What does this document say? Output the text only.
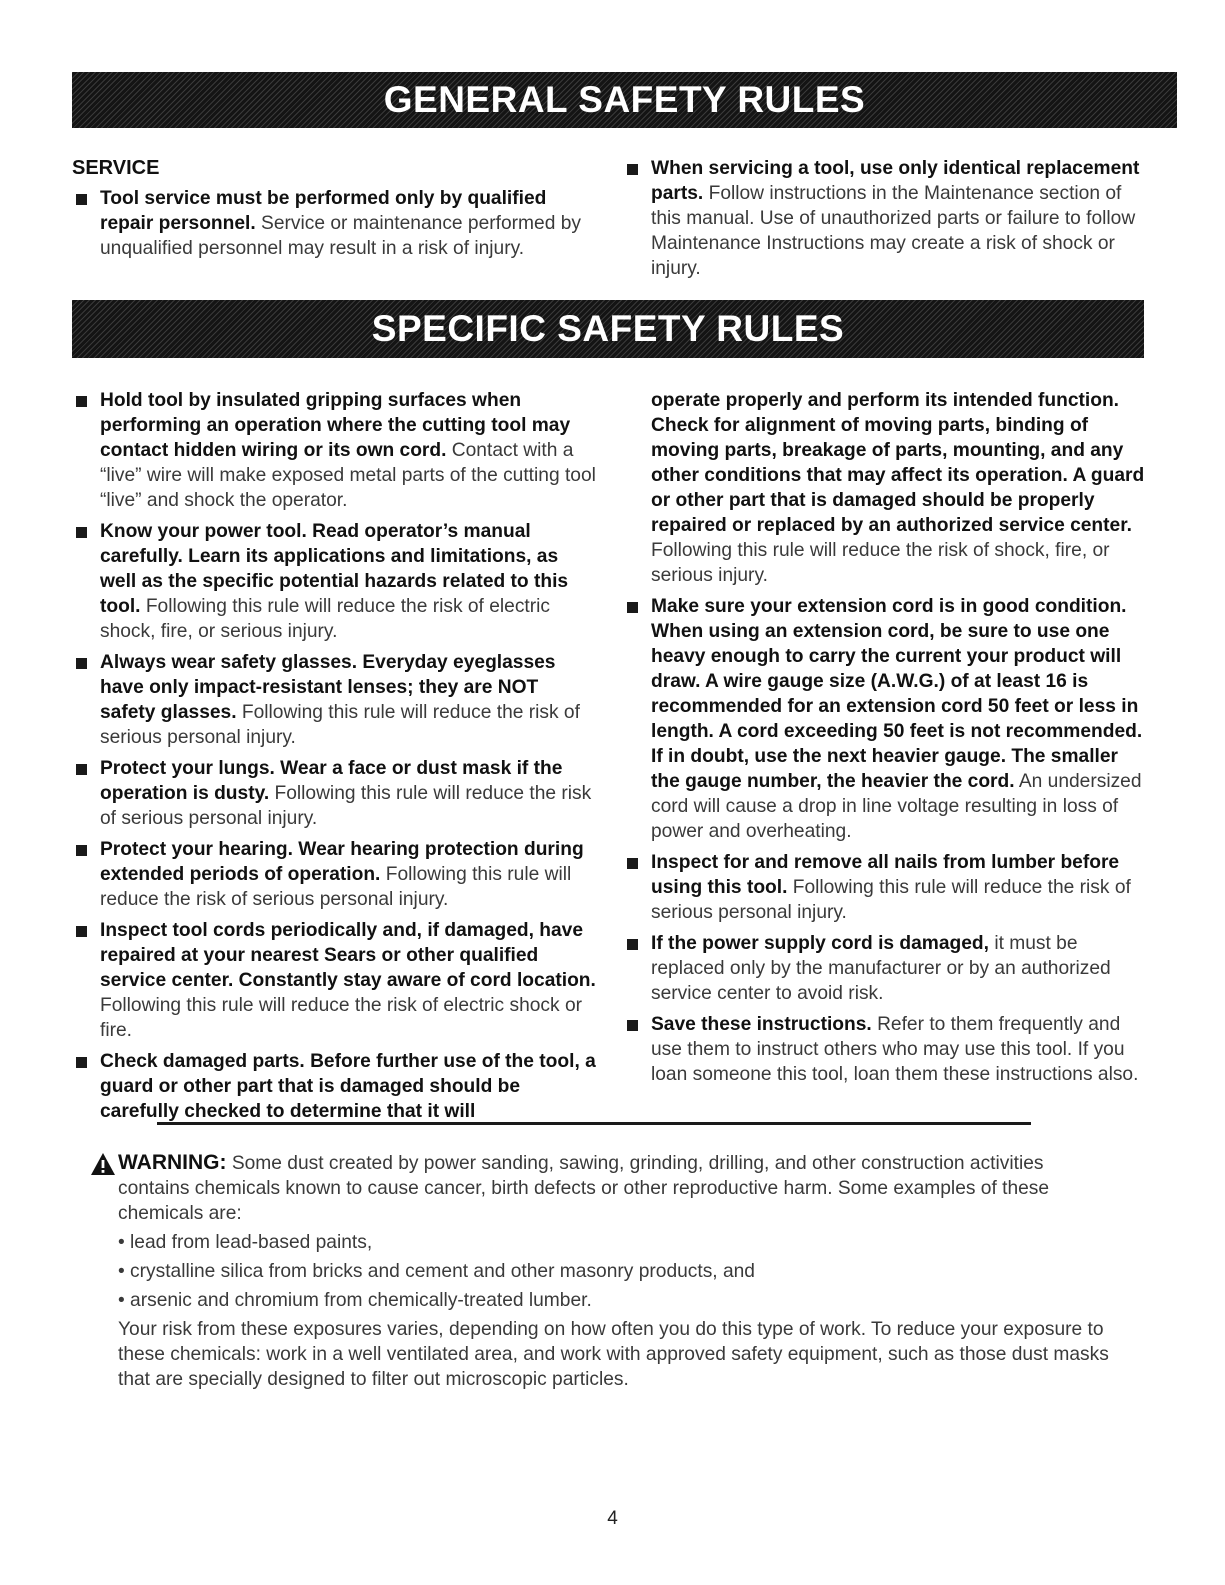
GENERAL SAFETY RULES
SERVICE

Tool service must be performed only by qualified repair personnel. Service or maintenance performed by unqualified personnel may result in a risk of injury.

When servicing a tool, use only identical replacement parts. Follow instructions in the Maintenance section of this manual. Use of unauthorized parts or failure to follow Maintenance Instructions may create a risk of shock or injury.

SPECIFIC SAFETY RULES

Hold tool by insulated gripping surfaces when performing an operation where the cutting tool may contact hidden wiring or its own cord. Contact with a “live” wire will make exposed metal parts of the cutting tool “live” and shock the operator.

Know your power tool. Read operator’s manual carefully. Learn its applications and limitations, as well as the specific potential hazards related to this tool. Following this rule will reduce the risk of electric shock, fire, or serious injury.

Always wear safety glasses. Everyday eyeglasses have only impact-resistant lenses; they are NOT safety glasses. Following this rule will reduce the risk of serious personal injury.

Protect your lungs. Wear a face or dust mask if the operation is dusty. Following this rule will reduce the risk of serious personal injury.

Protect your hearing. Wear hearing protection during extended periods of operation. Following this rule will reduce the risk of serious personal injury.

Inspect tool cords periodically and, if damaged, have repaired at your nearest Sears or other qualified service center. Constantly stay aware of cord location. Following this rule will reduce the risk of electric shock or fire.

Check damaged parts. Before further use of the tool, a guard or other part that is damaged should be carefully checked to determine that it will

operate properly and perform its intended function. Check for alignment of moving parts, binding of moving parts, breakage of parts, mounting, and any other conditions that may affect its operation. A guard or other part that is damaged should be properly repaired or replaced by an authorized service center. Following this rule will reduce the risk of shock, fire, or serious injury.

Make sure your extension cord is in good condition. When using an extension cord, be sure to use one heavy enough to carry the current your product will draw. A wire gauge size (A.W.G.) of at least 16 is recommended for an extension cord 50 feet or less in length. A cord exceeding 50 feet is not recommended. If in doubt, use the next heavier gauge. The smaller the gauge number, the heavier the cord. An undersized cord will cause a drop in line voltage resulting in loss of power and overheating.

Inspect for and remove all nails from lumber before using this tool. Following this rule will reduce the risk of serious personal injury.

If the power supply cord is damaged, it must be replaced only by the manufacturer or by an authorized service center to avoid risk.

Save these instructions. Refer to them frequently and use them to instruct others who may use this tool. If you loan someone this tool, loan them these instructions also.

WARNING: Some dust created by power sanding, sawing, grinding, drilling, and other construction activities contains chemicals known to cause cancer, birth defects or other reproductive harm. Some examples of these chemicals are:

• lead from lead-based paints,

• crystalline silica from bricks and cement and other masonry products, and

• arsenic and chromium from chemically-treated lumber.

Your risk from these exposures varies, depending on how often you do this type of work. To reduce your exposure to these chemicals: work in a well ventilated area, and work with approved safety equipment, such as those dust masks that are specially designed to filter out microscopic particles.

4
